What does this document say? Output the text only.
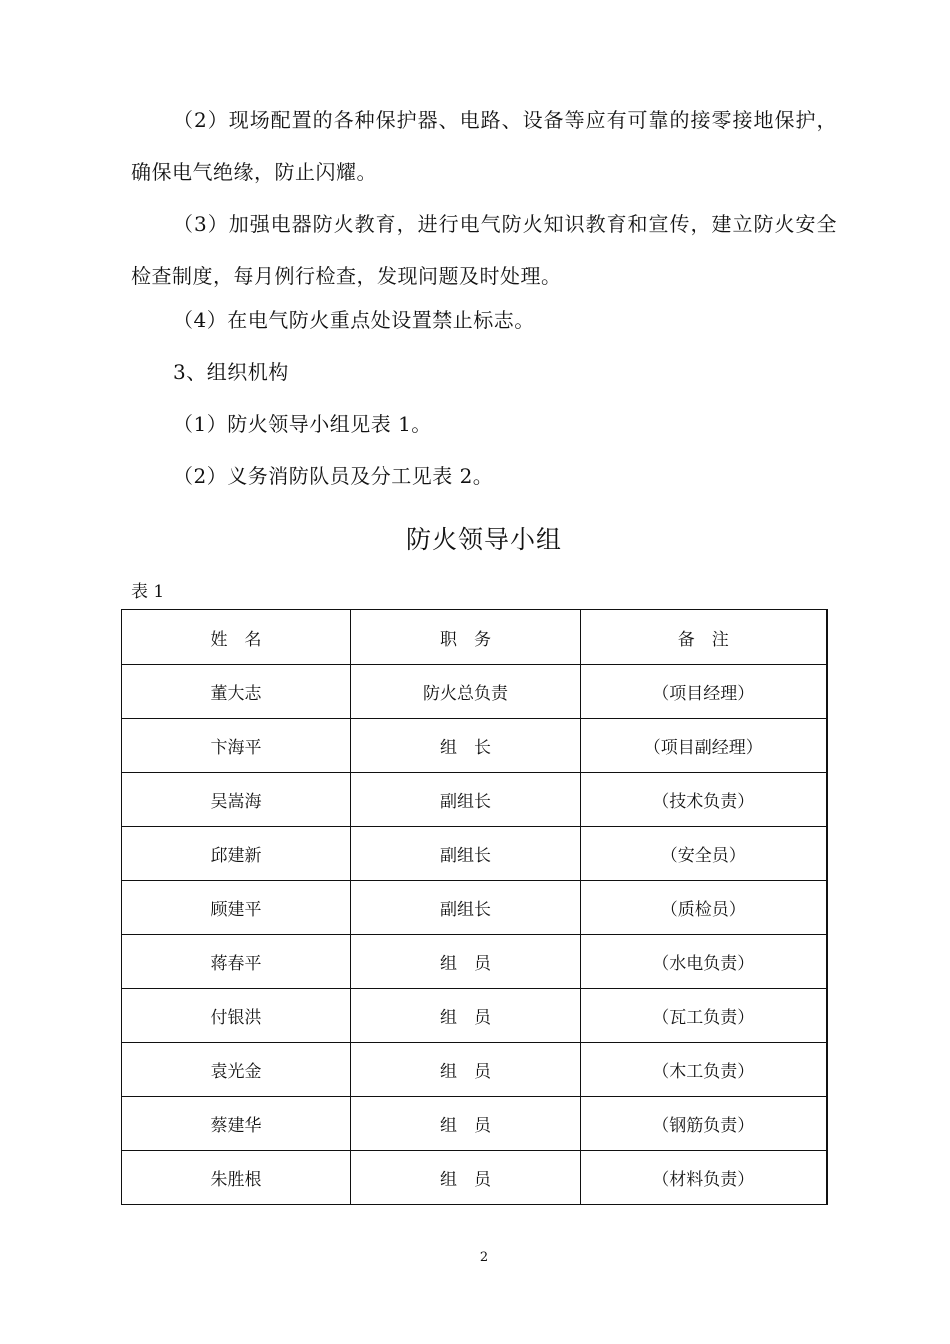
（2）现场配置的各种保护器、电路、设备等应有可靠的接零接地保护，确保电气绝缘，防止闪耀。

（3）加强电器防火教育，进行电气防火知识教育和宣传，建立防火安全检查制度，每月例行检查，发现问题及时处理。

（4）在电气防火重点处设置禁止标志。

3、组织机构

（1）防火领导小组见表 1。

（2）义务消防队员及分工见表 2。

防火领导小组
表 1
姓　名	职　务	备　注
董大志	防火总负责	（项目经理）
卞海平	组　长	（项目副经理）
吴嵩海	副组长	（技术负责）
邱建新	副组长	（安全员）
顾建平	副组长	（质检员）
蒋春平	组　员	（水电负责）
付银洪	组　员	（瓦工负责）
袁光金	组　员	（木工负责）
蔡建华	组　员	（钢筋负责）
朱胜根	组　员	（材料负责）
2
